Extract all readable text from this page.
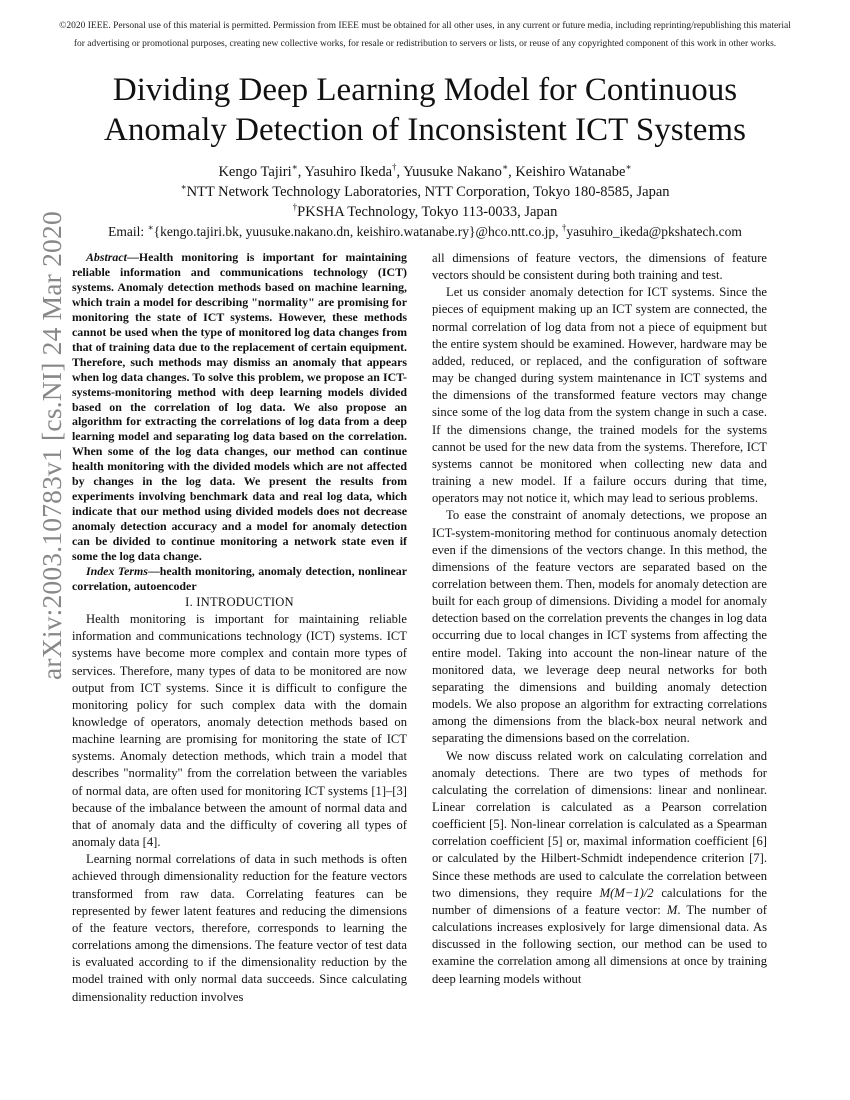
©2020 IEEE. Personal use of this material is permitted. Permission from IEEE must be obtained for all other uses, in any current or future media, including reprinting/republishing this material
for advertising or promotional purposes, creating new collective works, for resale or redistribution to servers or lists, or reuse of any copyrighted component of this work in other works.
arXiv:2003.10783v1 [cs.NI] 24 Mar 2020
Dividing Deep Learning Model for Continuous
Anomaly Detection of Inconsistent ICT Systems
Kengo Tajiri∗, Yasuhiro Ikeda†, Yuusuke Nakano∗, Keishiro Watanabe∗
∗NTT Network Technology Laboratories, NTT Corporation, Tokyo 180-8585, Japan
†PKSHA Technology, Tokyo 113-0033, Japan
Email: ∗{kengo.tajiri.bk, yuusuke.nakano.dn, keishiro.watanabe.ry}@hco.ntt.co.jp, †yasuhiro_ikeda@pkshatech.com

Abstract—Health monitoring is important for maintaining reliable information and communications technology (ICT) systems. Anomaly detection methods based on machine learning, which train a model for describing "normality" are promising for monitoring the state of ICT systems. However, these methods cannot be used when the type of monitored log data changes from that of training data due to the replacement of certain equipment. Therefore, such methods may dismiss an anomaly that appears when log data changes. To solve this problem, we propose an ICT-systems-monitoring method with deep learning models divided based on the correlation of log data. We also propose an algorithm for extracting the correlations of log data from a deep learning model and separating log data based on the correlation. When some of the log data changes, our method can continue health monitoring with the divided models which are not affected by changes in the log data. We present the results from experiments involving benchmark data and real log data, which indicate that our method using divided models does not decrease anomaly detection accuracy and a model for anomaly detection can be divided to continue monitoring a network state even if some the log data change.

Index Terms—health monitoring, anomaly detection, nonlinear correlation, autoencoder

I. INTRODUCTION

Health monitoring is important for maintaining reliable information and communications technology (ICT) systems. ICT systems have become more complex and contain more types of services. Therefore, many types of data to be monitored are now output from ICT systems. Since it is difficult to configure the monitoring policy for such complex data with the domain knowledge of operators, anomaly detection methods based on machine learning are promising for monitoring the state of ICT systems. Anomaly detection methods, which train a model that describes "normality" from the correlation between the variables of normal data, are often used for monitoring ICT systems [1]–[3] because of the imbalance between the amount of normal data and that of anomaly data and the difficulty of covering all types of anomaly data [4].

Learning normal correlations of data in such methods is often achieved through dimensionality reduction for the feature vectors transformed from raw data. Correlating features can be represented by fewer latent features and reducing the dimensions of the feature vectors, therefore, corresponds to learning the correlations among the dimensions. The feature vector of test data is evaluated according to if the dimensionality reduction by the model trained with only normal data succeeds. Since calculating dimensionality reduction involves

all dimensions of feature vectors, the dimensions of feature vectors should be consistent during both training and test.

Let us consider anomaly detection for ICT systems. Since the pieces of equipment making up an ICT system are connected, the normal correlation of log data from not a piece of equipment but the entire system should be examined. However, hardware may be added, reduced, or replaced, and the configuration of software may be changed during system maintenance in ICT systems and the dimensions of the transformed feature vectors may change since some of the log data from the system change in such a case. If the dimensions change, the trained models for the systems cannot be used for the new data from the systems. Therefore, ICT systems cannot be monitored when collecting new data and training a new model. If a failure occurs during that time, operators may not notice it, which may lead to serious problems.

To ease the constraint of anomaly detections, we propose an ICT-system-monitoring method for continuous anomaly detection even if the dimensions of the vectors change. In this method, the dimensions of the feature vectors are separated based on the correlation between them. Then, models for anomaly detection are built for each group of dimensions. Dividing a model for anomaly detection based on the correlation prevents the changes in log data occurring due to local changes in ICT systems from affecting the entire model. Taking into account the non-linear nature of the monitored data, we leverage deep neural networks for both separating the dimensions and building anomaly detection models. We also propose an algorithm for extracting correlations among the dimensions from the black-box neural network and separating the dimensions based on the correlation.

We now discuss related work on calculating correlation and anomaly detections. There are two types of methods for calculating the correlation of dimensions: linear and nonlinear. Linear correlation is calculated as a Pearson correlation coefficient [5]. Non-linear correlation is calculated as a Spearman correlation coefficient [5] or, maximal information coefficient [6] or calculated by the Hilbert-Schmidt independence criterion [7]. Since these methods are used to calculate the correlation between two dimensions, they require M(M−1)/2 calculations for the number of dimensions of a feature vector: M. The number of calculations increases explosively for large dimensional data. As discussed in the following section, our method can be used to examine the correlation among all dimensions at once by training deep learning models without
